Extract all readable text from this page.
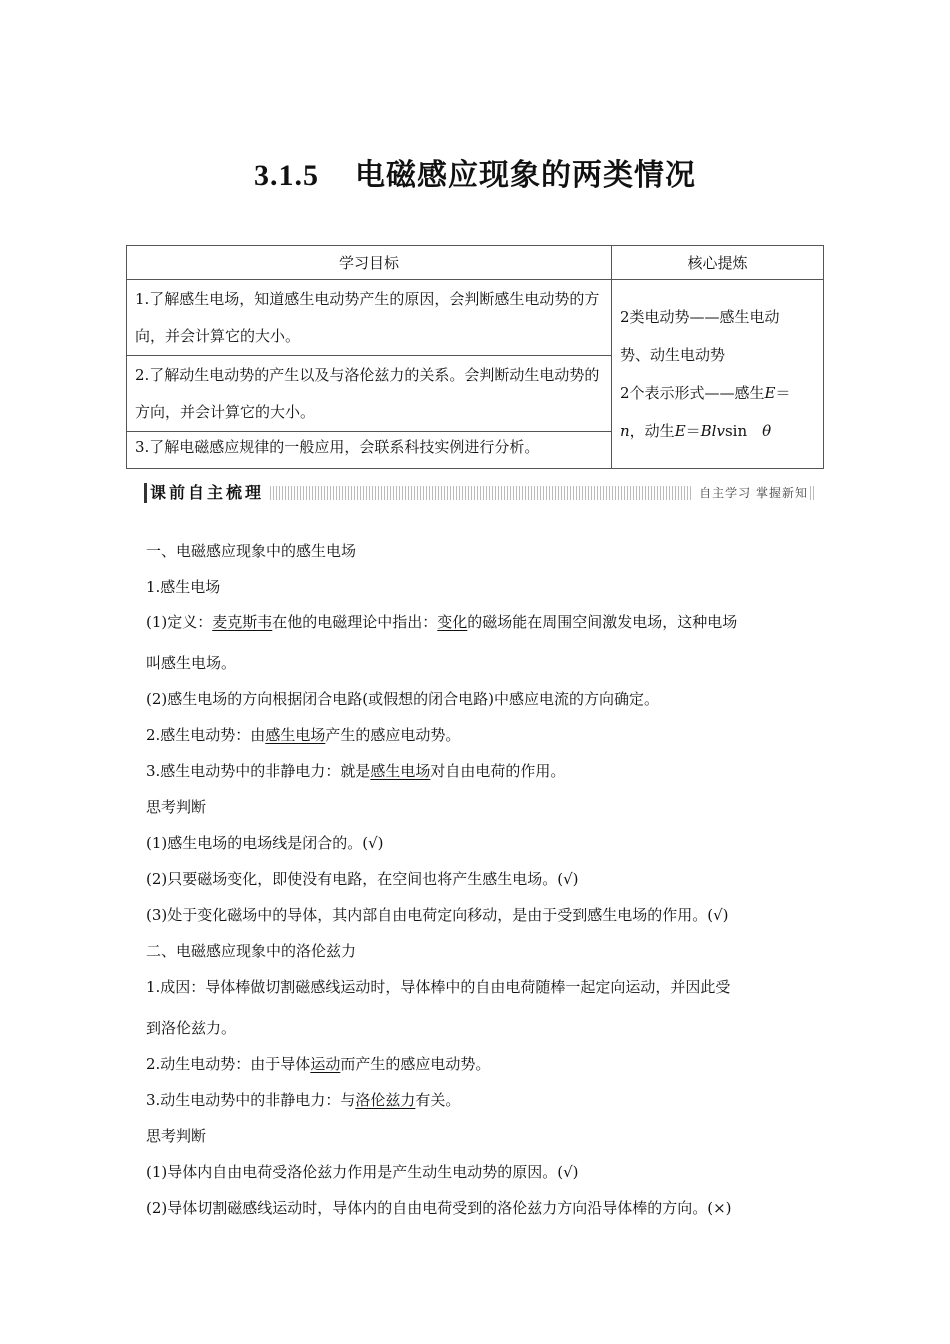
3.1.5 电磁感应现象的两类情况
学习目标	核心提炼
1.了解感生电场，知道感生电动势产生的原因，会判断感生电动势的方向，并会计算它的大小。	2类电动势——感生电动
势、动生电动势
2个表示形式——感生E＝
n，动生E＝Blvsin　θ

2.了解动生电动势的产生以及与洛伦兹力的关系。会判断动生电动势的方向，并会计算它的大小。	
3.了解电磁感应规律的一般应用，会联系科技实例进行分析。	
课前自主梳理	自主学习 掌握新知
一、电磁感应现象中的感生电场
1.感生电场
(1)定义：麦克斯韦在他的电磁理论中指出：变化的磁场能在周围空间激发电场，这种电场
叫感生电场。
(2)感生电场的方向根据闭合电路(或假想的闭合电路)中感应电流的方向确定。
2.感生电动势：由感生电场产生的感应电动势。
3.感生电动势中的非静电力：就是感生电场对自由电荷的作用。
思考判断
(1)感生电场的电场线是闭合的。(√)
(2)只要磁场变化，即使没有电路，在空间也将产生感生电场。(√)
(3)处于变化磁场中的导体，其内部自由电荷定向移动，是由于受到感生电场的作用。(√)
二、电磁感应现象中的洛伦兹力
1.成因：导体棒做切割磁感线运动时，导体棒中的自由电荷随棒一起定向运动，并因此受
到洛伦兹力。
2.动生电动势：由于导体运动而产生的感应电动势。
3.动生电动势中的非静电力：与洛伦兹力有关。
思考判断
(1)导体内自由电荷受洛伦兹力作用是产生动生电动势的原因。(√)
(2)导体切割磁感线运动时，导体内的自由电荷受到的洛伦兹力方向沿导体棒的方向。(×)
